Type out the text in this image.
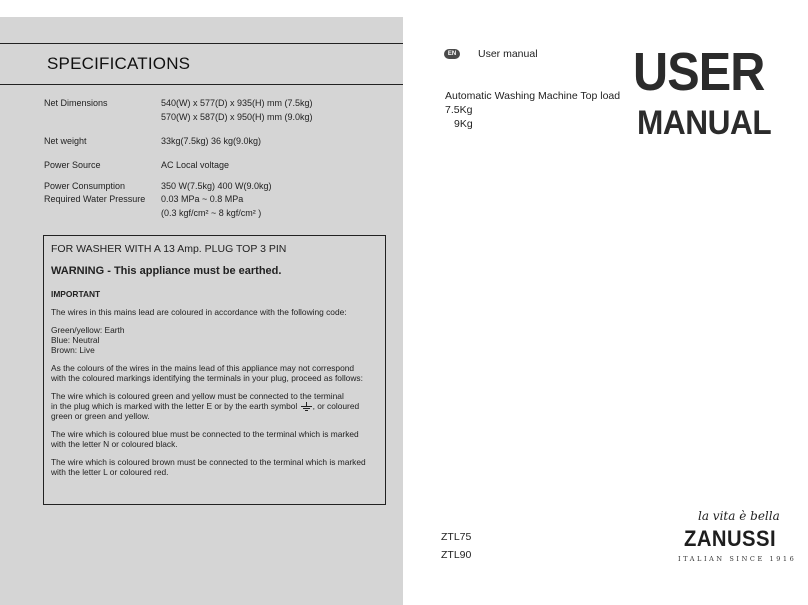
SPECIFICATIONS
Net Dimensions	540(W) x 577(D) x 935(H) mm (7.5kg)
570(W) x 587(D) x 950(H) mm (9.0kg)
Net weight	33kg(7.5kg) 36 kg(9.0kg)
Power Source	AC Local voltage
Power Consumption	350 W(7.5kg) 400 W(9.0kg)
Required Water Pressure 0.03 MPa ~ 0.8 MPa
(0.3 kgf/cm² ~ 8 kgf/cm² )
FOR WASHER WITH A 13 Amp. PLUG TOP 3 PIN
WARNING - This appliance must be earthed.
IMPORTANT

The wires in this mains lead are coloured in accordance with the following code:

Green/yellow: Earth
Blue: Neutral
Brown: Live

As the colours of the wires in the mains lead of this appliance may not correspond
with the coloured markings identifying the terminals in your plug, proceed as follows:

The wire which is coloured green and yellow must be connected to the terminal
in the plug which is marked with the letter E or by the earth symbol , or coloured
green or green and yellow.

The wire which is coloured blue must be connected to the terminal which is marked
with the letter N or coloured black.

The wire which is coloured brown must be connected to the terminal which is marked
with the letter L or coloured red.

EN	User manual
Automatic Washing Machine Top load
7.5Kg
9Kg
USER
MANUAL
ZTL75
ZTL90
la vita è bella
ZANUSSI
ITALIAN SINCE 1916
